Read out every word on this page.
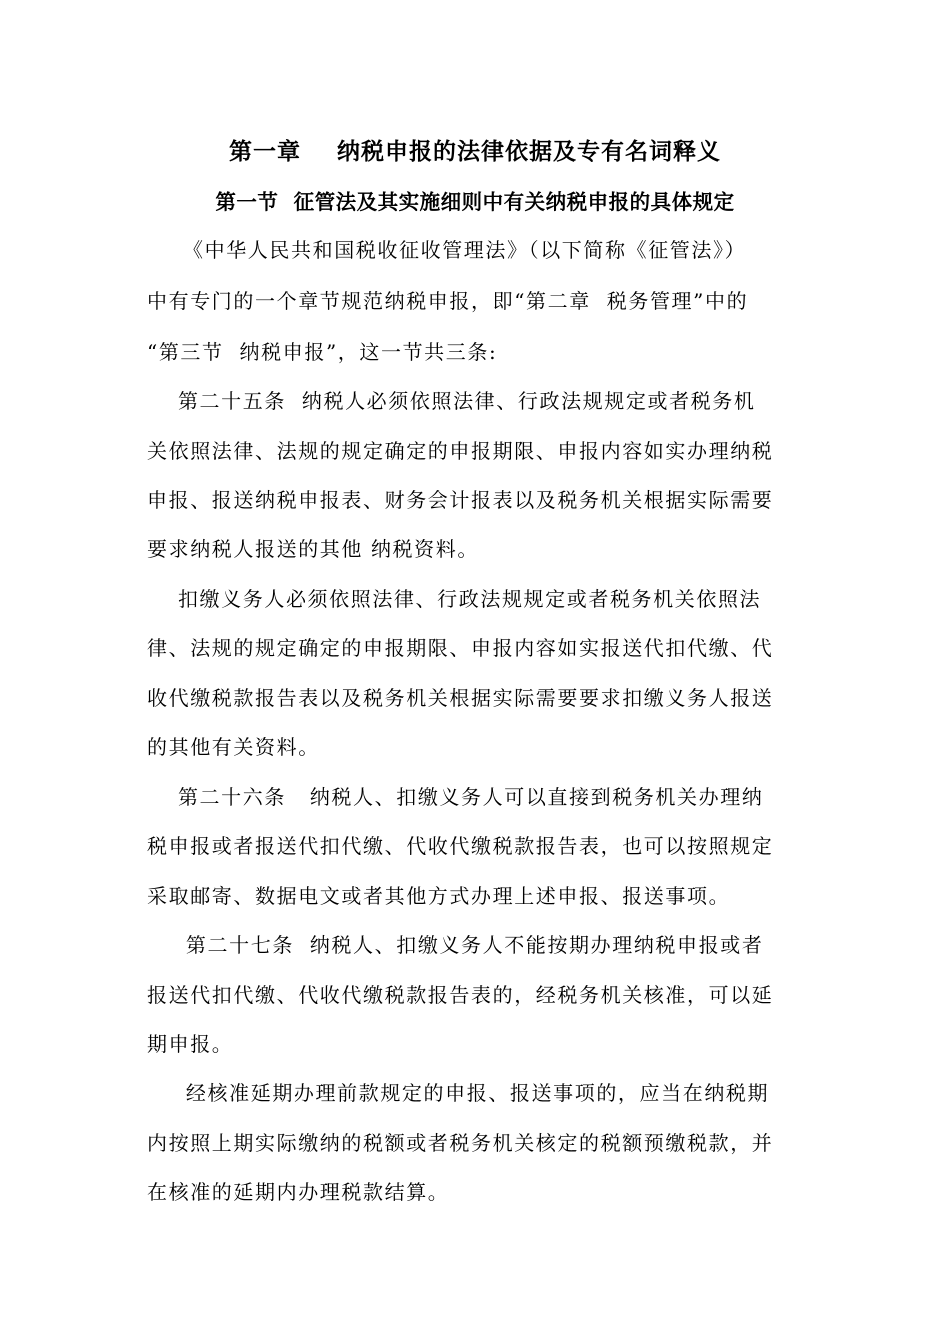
第一章    纳税申报的法律依据及专有名词释义
第一节  征管法及其实施细则中有关纳税申报的具体规定
《中华人民共和国税收征收管理法》（以下简称《征管法》）
中有专门的一个章节规范纳税申报，即“第二章  税务管理”中的
“第三节  纳税申报”，这一节共三条:
第二十五条  纳税人必须依照法律、行政法规规定或者税务机
关依照法律、法规的规定确定的申报期限、申报内容如实办理纳税
申报、报送纳税申报表、财务会计报表以及税务机关根据实际需要
要求纳税人报送的其他 纳税资料。
扣缴义务人必须依照法律、行政法规规定或者税务机关依照法
律、法规的规定确定的申报期限、申报内容如实报送代扣代缴、代
收代缴税款报告表以及税务机关根据实际需要要求扣缴义务人报送
的其他有关资料。
第二十六条   纳税人、扣缴义务人可以直接到税务机关办理纳
税申报或者报送代扣代缴、代收代缴税款报告表，也可以按照规定
采取邮寄、数据电文或者其他方式办理上述申报、报送事项。
第二十七条  纳税人、扣缴义务人不能按期办理纳税申报或者
报送代扣代缴、代收代缴税款报告表的，经税务机关核准，可以延
期申报。
经核准延期办理前款规定的申报、报送事项的，应当在纳税期
内按照上期实际缴纳的税额或者税务机关核定的税额预缴税款，并
在核准的延期内办理税款结算。
